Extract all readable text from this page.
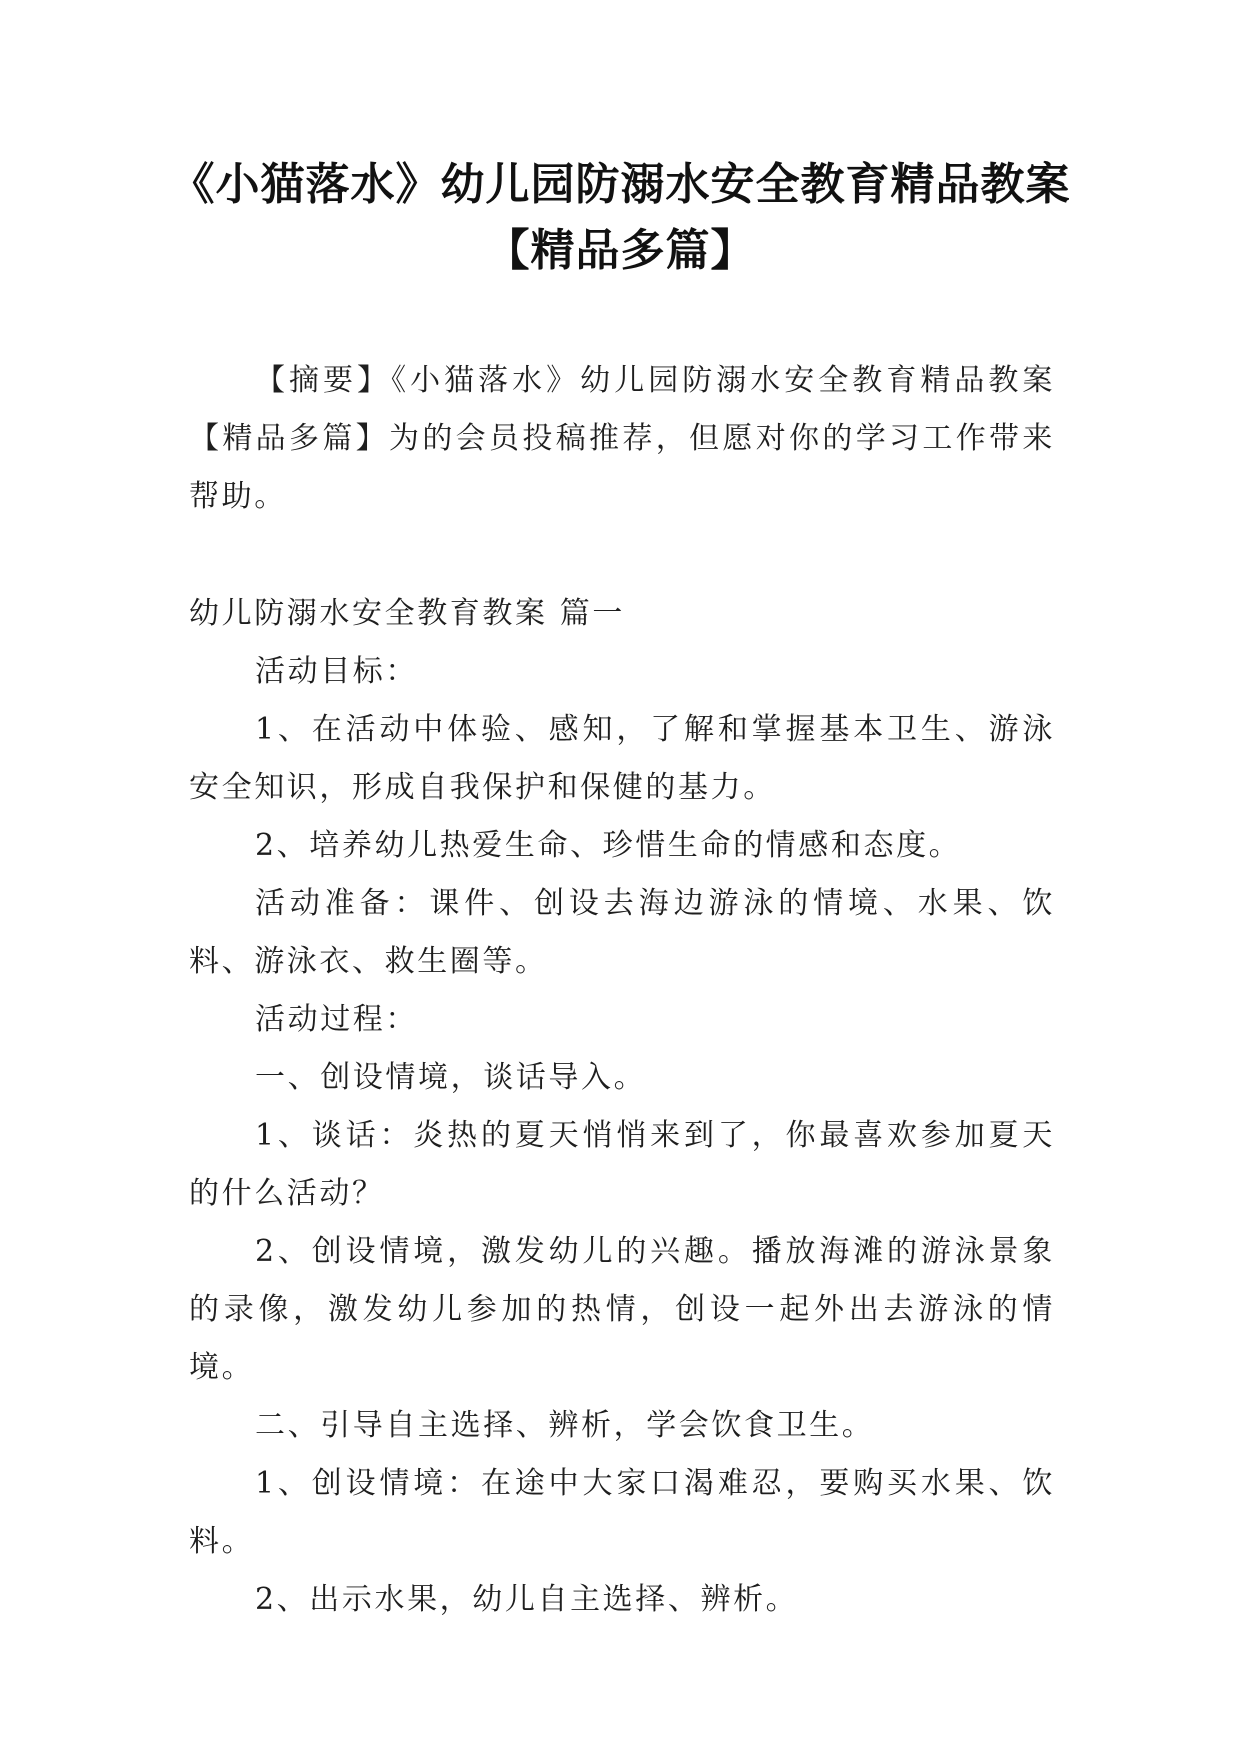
《小猫落水》幼儿园防溺水安全教育精品教案【精品多篇】

【摘要】《小猫落水》幼儿园防溺水安全教育精品教案【精品多篇】为的会员投稿推荐，但愿对你的学习工作带来帮助。

幼儿防溺水安全教育教案 篇一

活动目标：

1、在活动中体验、感知，了解和掌握基本卫生、游泳安全知识，形成自我保护和保健的基力。

2、培养幼儿热爱生命、珍惜生命的情感和态度。

活动准备：课件、创设去海边游泳的情境、水果、饮料、游泳衣、救生圈等。

活动过程：

一、创设情境，谈话导入。

1、谈话：炎热的夏天悄悄来到了，你最喜欢参加夏天的什么活动？

2、创设情境，激发幼儿的兴趣。播放海滩的游泳景象的录像，激发幼儿参加的热情，创设一起外出去游泳的情境。

二、引导自主选择、辨析，学会饮食卫生。

1、创设情境：在途中大家口渴难忍，要购买水果、饮料。

2、出示水果，幼儿自主选择、辨析。
